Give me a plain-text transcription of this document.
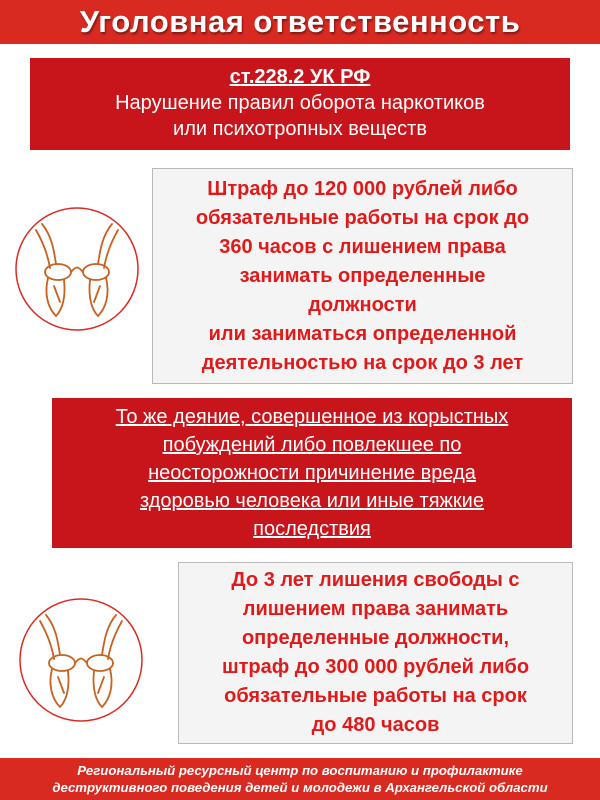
Уголовная ответственность
ст.228.2 УК РФ
Нарушение правил оборота наркотиков
или психотропных веществ
Штраф до 120 000 рублей либо
обязательные работы на срок до
360 часов с лишением права
занимать определенные
должности
или заниматься определенной
деятельностью на срок до 3 лет
То же деяние, совершенное из корыстных
побуждений либо повлекшее по
неосторожности причинение вреда
здоровью человека или иные тяжкие
последствия
До 3 лет лишения свободы с
лишением права занимать
определенные должности,
штраф до 300 000 рублей либо
обязательные работы на срок
до 480 часов
Региональный ресурсный центр по воспитанию и профилактике
деструктивного поведения детей и молодежи в Архангельской области
